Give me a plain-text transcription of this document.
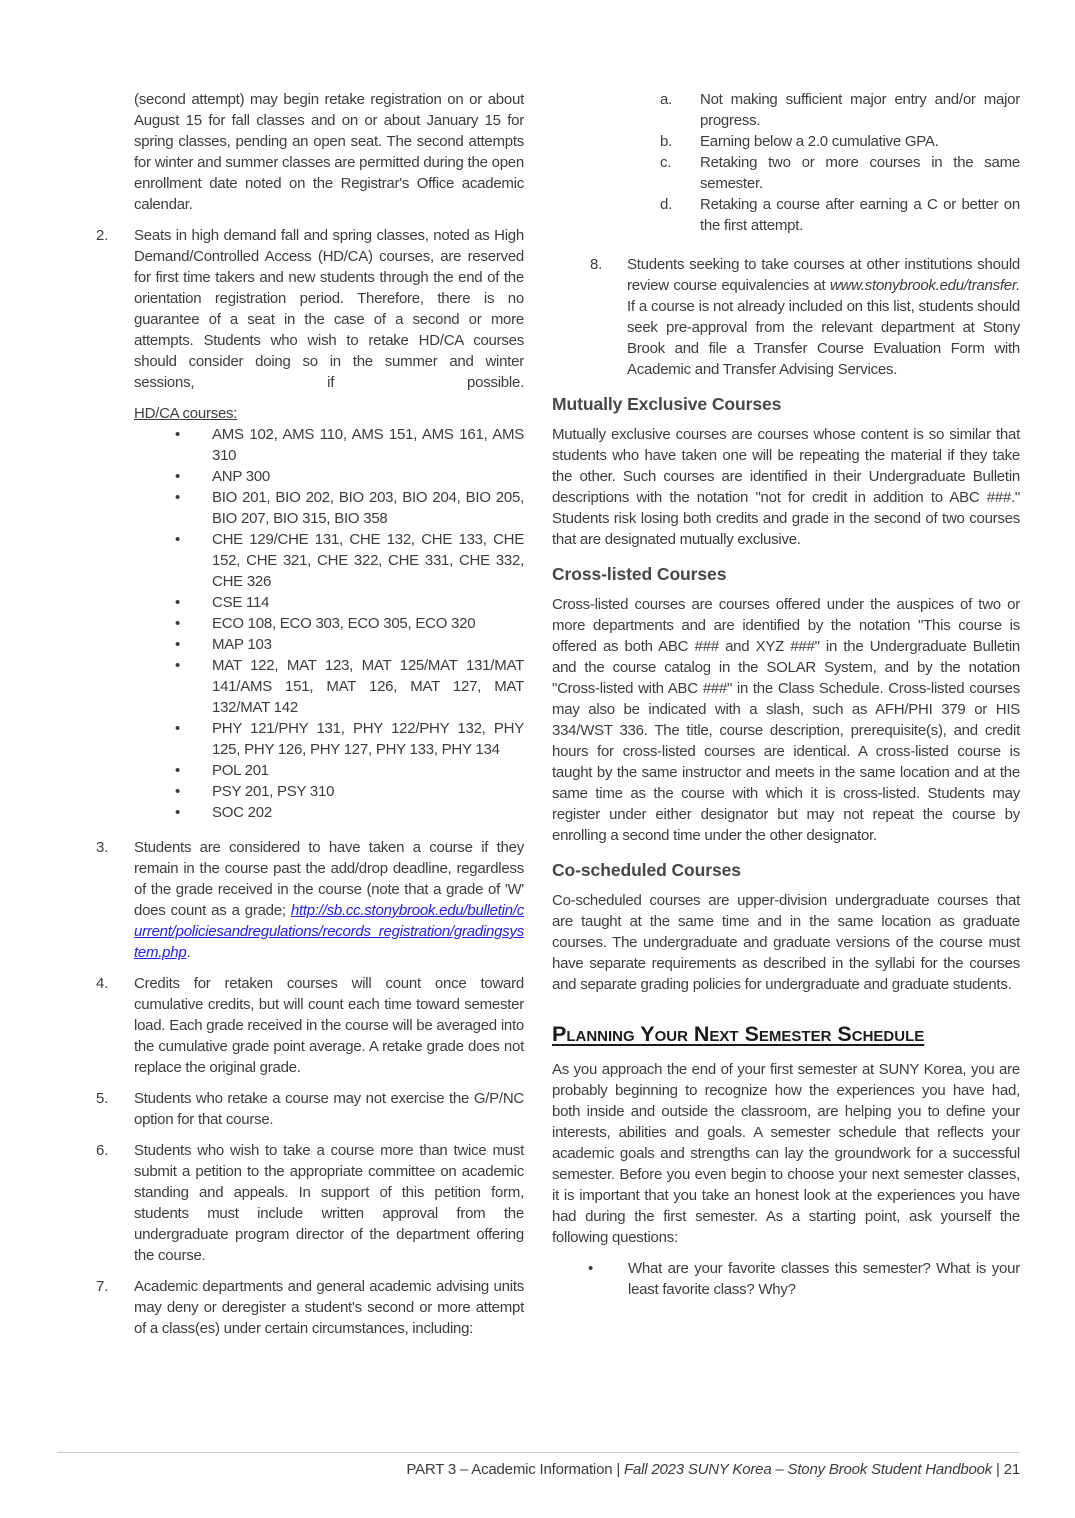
(second attempt) may begin retake registration on or about August 15 for fall classes and on or about January 15 for spring classes, pending an open seat. The second attempts for winter and summer classes are permitted during the open enrollment date noted on the Registrar's Office academic calendar.

2.	Seats in high demand fall and spring classes, noted as High Demand/Controlled Access (HD/CA) courses, are reserved for first time takers and new students through the end of the orientation registration period. Therefore, there is no guarantee of a seat in the case of a second or more attempts. Students who wish to retake HD/CA courses should consider doing so in the summer and winter sessions, if possible.

HD/CA courses:

•	AMS 102, AMS 110, AMS 151, AMS 161, AMS 310
•	ANP 300
•	BIO 201, BIO 202, BIO 203, BIO 204, BIO 205, BIO 207, BIO 315, BIO 358
•	CHE 129/CHE 131, CHE 132, CHE 133, CHE 152, CHE 321, CHE 322, CHE 331, CHE 332, CHE 326
•	CSE 114
•	ECO 108, ECO 303, ECO 305, ECO 320
•	MAP 103
•	MAT 122, MAT 123, MAT 125/MAT 131/MAT 141/AMS 151, MAT 126, MAT 127, MAT 132/MAT 142
•	PHY 121/PHY 131, PHY 122/PHY 132, PHY 125, PHY 126, PHY 127, PHY 133, PHY 134
•	POL 201
•	PSY 201, PSY 310
•	SOC 202
3.	Students are considered to have taken a course if they remain in the course past the add/drop deadline, regardless of the grade received in the course (note that a grade of 'W' does count as a grade; http://sb.cc.stonybrook.edu/bulletin/current/policiesandregulations/records_registration/gradingsystem.php.
4.	Credits for retaken courses will count once toward cumulative credits, but will count each time toward semester load. Each grade received in the course will be averaged into the cumulative grade point average. A retake grade does not replace the original grade.
5.	Students who retake a course may not exercise the G/P/NC option for that course.
6.	Students who wish to take a course more than twice must submit a petition to the appropriate committee on academic standing and appeals. In support of this petition form, students must include written approval from the undergraduate program director of the department offering the course.
7.	Academic departments and general academic advising units may deny or deregister a student's second or more attempt of a class(es) under certain circumstances, including:
a.	Not making sufficient major entry and/or major progress.
b.	Earning below a 2.0 cumulative GPA.
c.	Retaking two or more courses in the same semester.
d.	Retaking a course after earning a C or better on the first attempt.
8.	Students seeking to take courses at other institutions should review course equivalencies at www.stonybrook.edu/transfer. If a course is not already included on this list, students should seek pre-approval from the relevant department at Stony Brook and file a Transfer Course Evaluation Form with Academic and Transfer Advising Services.
Mutually Exclusive Courses

Mutually exclusive courses are courses whose content is so similar that students who have taken one will be repeating the material if they take the other. Such courses are identified in their Undergraduate Bulletin descriptions with the notation "not for credit in addition to ABC ###." Students risk losing both credits and grade in the second of two courses that are designated mutually exclusive.

Cross-listed Courses

Cross-listed courses are courses offered under the auspices of two or more departments and are identified by the notation "This course is offered as both ABC ### and XYZ ###" in the Undergraduate Bulletin and the course catalog in the SOLAR System, and by the notation "Cross-listed with ABC ###" in the Class Schedule. Cross-listed courses may also be indicated with a slash, such as AFH/PHI 379 or HIS 334/WST 336. The title, course description, prerequisite(s), and credit hours for cross-listed courses are identical. A cross-listed course is taught by the same instructor and meets in the same location and at the same time as the course with which it is cross-listed. Students may register under either designator but may not repeat the course by enrolling a second time under the other designator.

Co-scheduled Courses

Co-scheduled courses are upper-division undergraduate courses that are taught at the same time and in the same location as graduate courses. The undergraduate and graduate versions of the course must have separate requirements as described in the syllabi for the courses and separate grading policies for undergraduate and graduate students.

Planning Your Next Semester Schedule

As you approach the end of your first semester at SUNY Korea, you are probably beginning to recognize how the experiences you have had, both inside and outside the classroom, are helping you to define your interests, abilities and goals. A semester schedule that reflects your academic goals and strengths can lay the groundwork for a successful semester. Before you even begin to choose your next semester classes, it is important that you take an honest look at the experiences you have had during the first semester. As a starting point, ask yourself the following questions:

•	What are your favorite classes this semester? What is your least favorite class? Why?
PART 3 – Academic Information | Fall 2023 SUNY Korea – Stony Brook Student Handbook | 21
